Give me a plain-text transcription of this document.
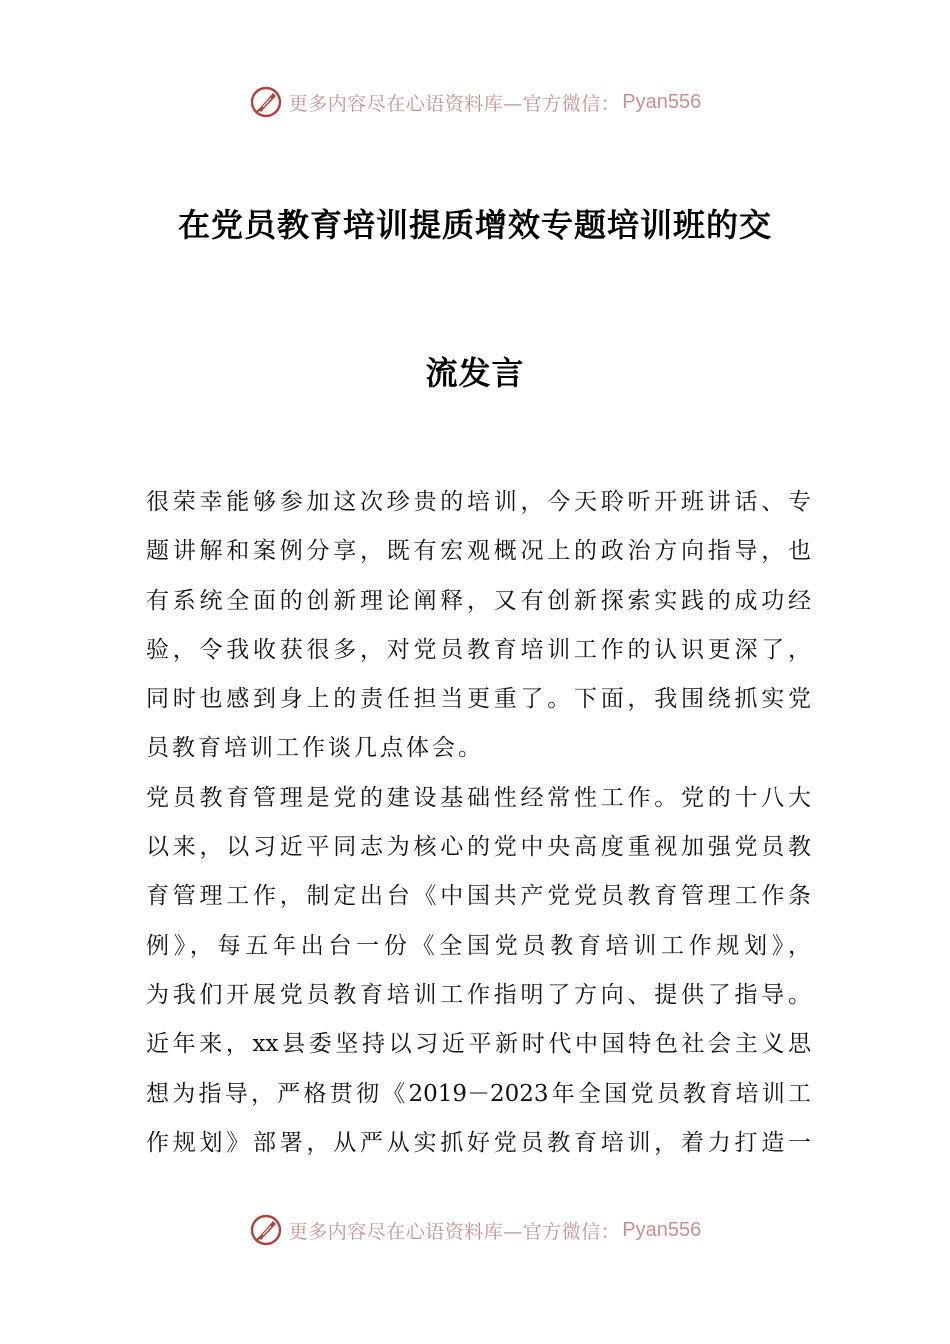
更多内容尽在心语资料库—官方微信： Pyan556
在党员教育培训提质增效专题培训班的交
流发言
很荣幸能够参加这次珍贵的培训，今天聆听开班讲话、专
题讲解和案例分享，既有宏观概况上的政治方向指导，也
有系统全面的创新理论阐释，又有创新探索实践的成功经
验，令我收获很多，对党员教育培训工作的认识更深了，
同时也感到身上的责任担当更重了。下面，我围绕抓实党
员教育培训工作谈几点体会。
党员教育管理是党的建设基础性经常性工作。党的十八大
以来，以习近平同志为核心的党中央高度重视加强党员教
育管理工作，制定出台《中国共产党党员教育管理工作条
例》，每五年出台一份《全国党员教育培训工作规划》，
为我们开展党员教育培训工作指明了方向、提供了指导。
近年来，xx县委坚持以习近平新时代中国特色社会主义思
想为指导，严格贯彻《2019－2023年全国党员教育培训工
作规划》部署，从严从实抓好党员教育培训，着力打造一
更多内容尽在心语资料库—官方微信： Pyan556
